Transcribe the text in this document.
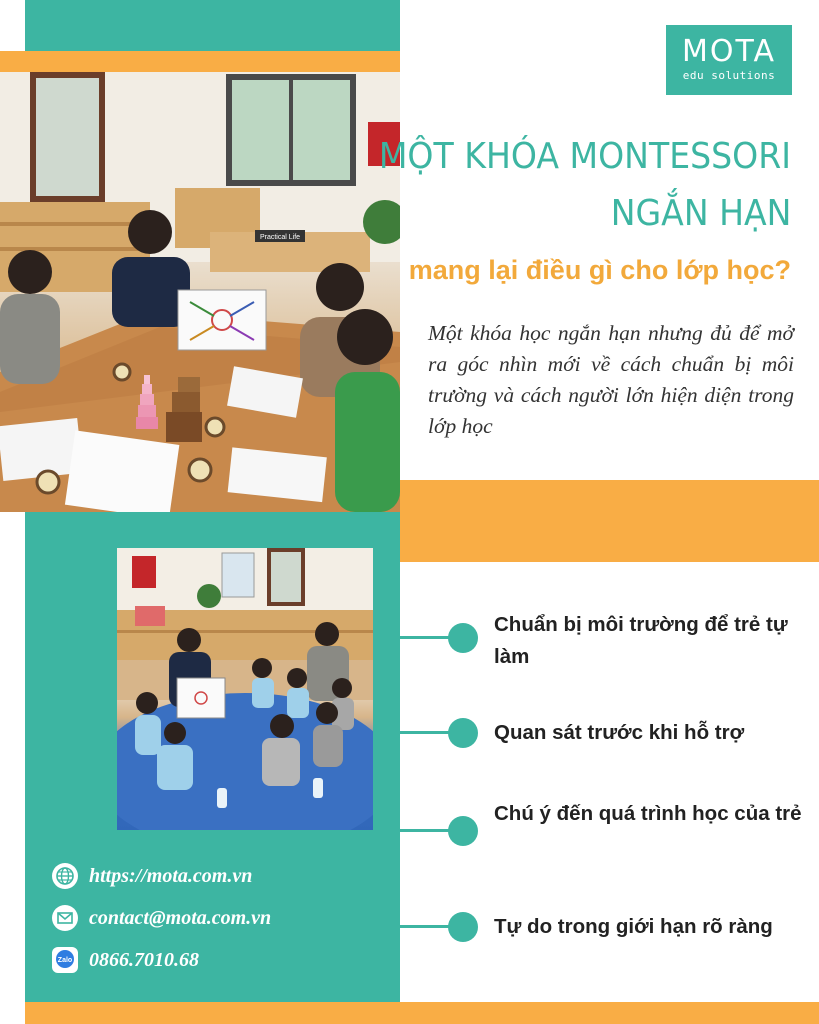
Practical Life
MOTA
edu solutions
MỘT KHÓA MONTESSORI
NGẮN HẠN
mang lại điều gì cho lớp học?
Một khóa học ngắn hạn nhưng đủ để mở ra góc nhìn mới về cách chuẩn bị môi trường và cách người lớn hiện diện trong lớp học
https://mota.com.vn
contact@mota.com.vn
Zalo 0866.7010.68
Chuẩn bị môi trường để trẻ tự làm
Quan sát trước khi hỗ trợ
Chú ý đến quá trình học của trẻ
Tự do trong giới hạn rõ ràng
